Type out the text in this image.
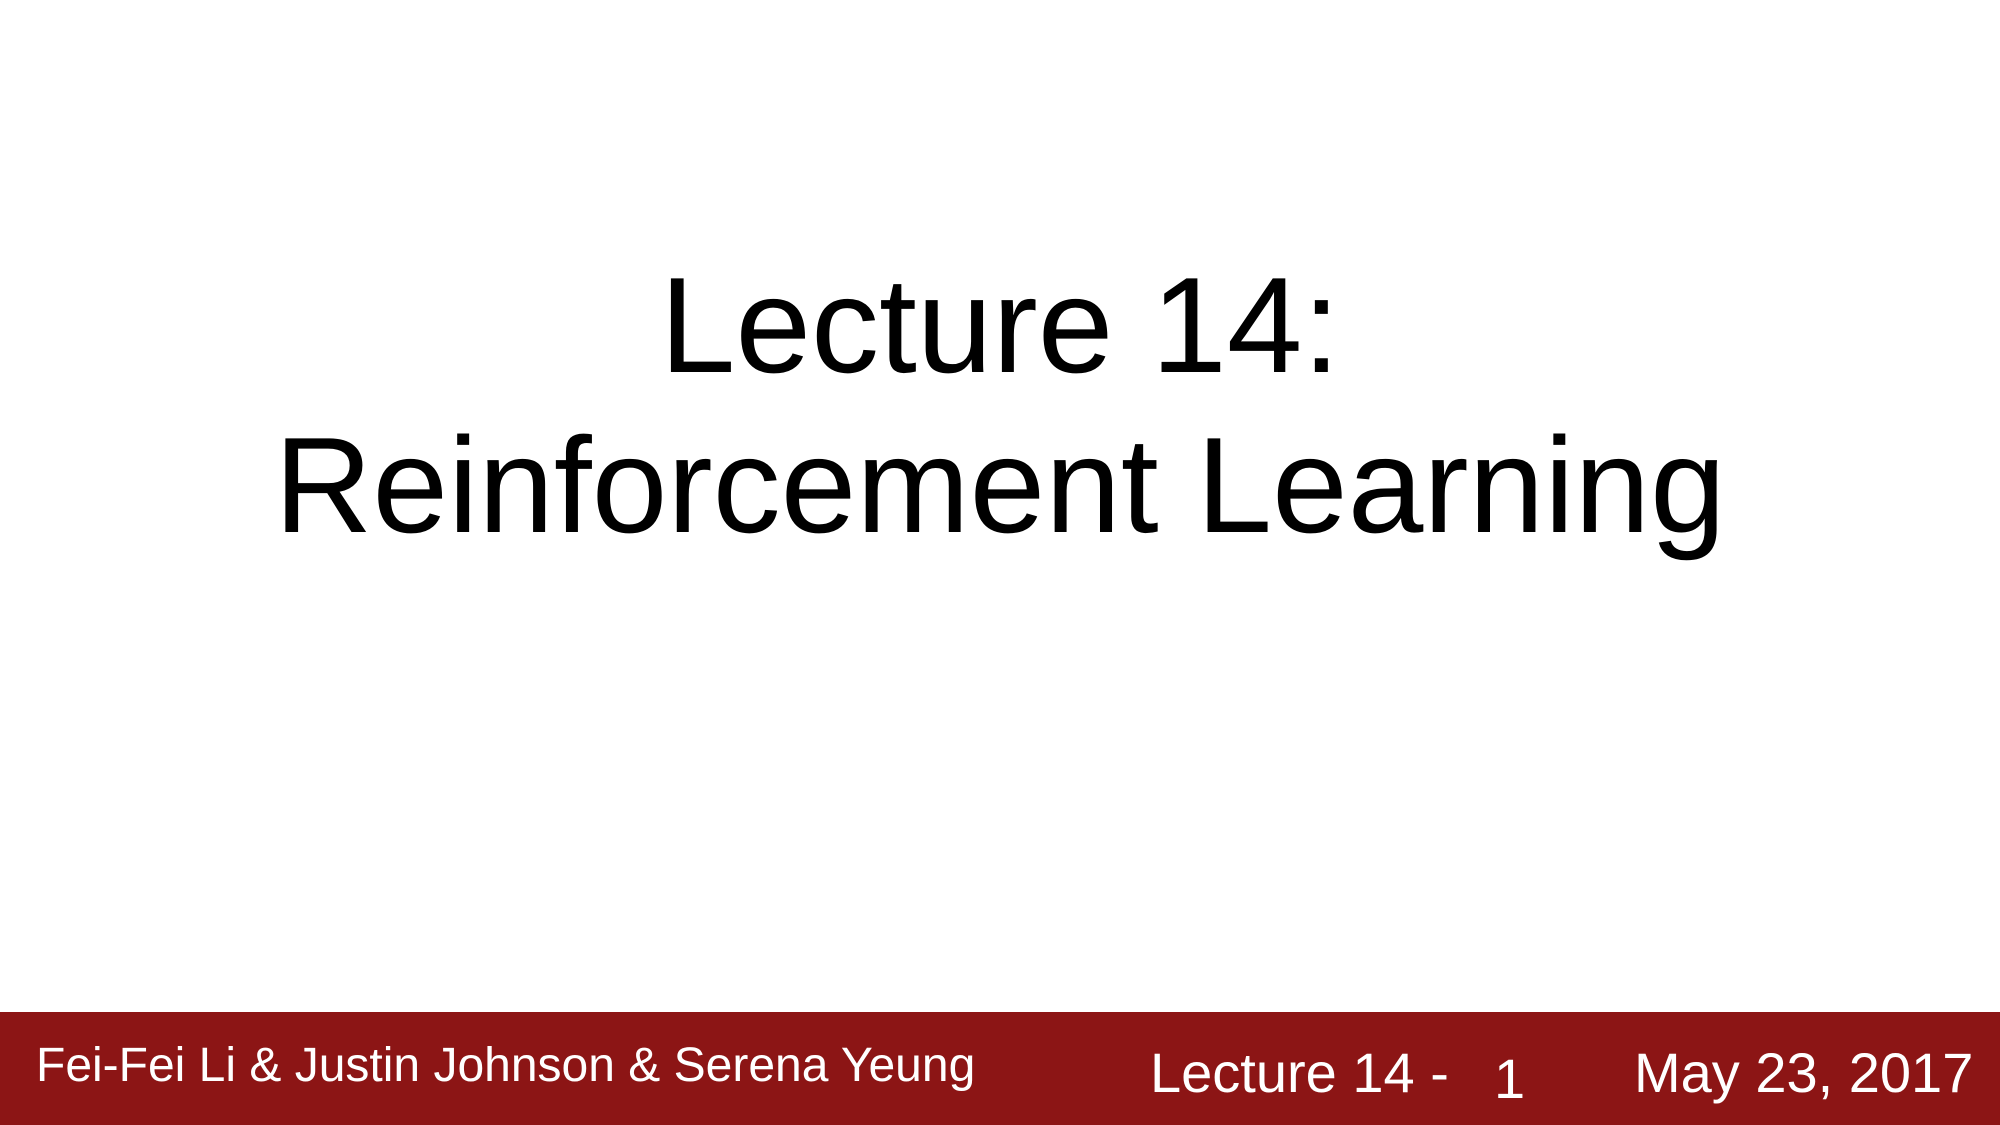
Lecture 14:
Reinforcement Learning
Fei-Fei Li & Justin Johnson & Serena Yeung	Lecture 14 - 1 May 23, 2017
